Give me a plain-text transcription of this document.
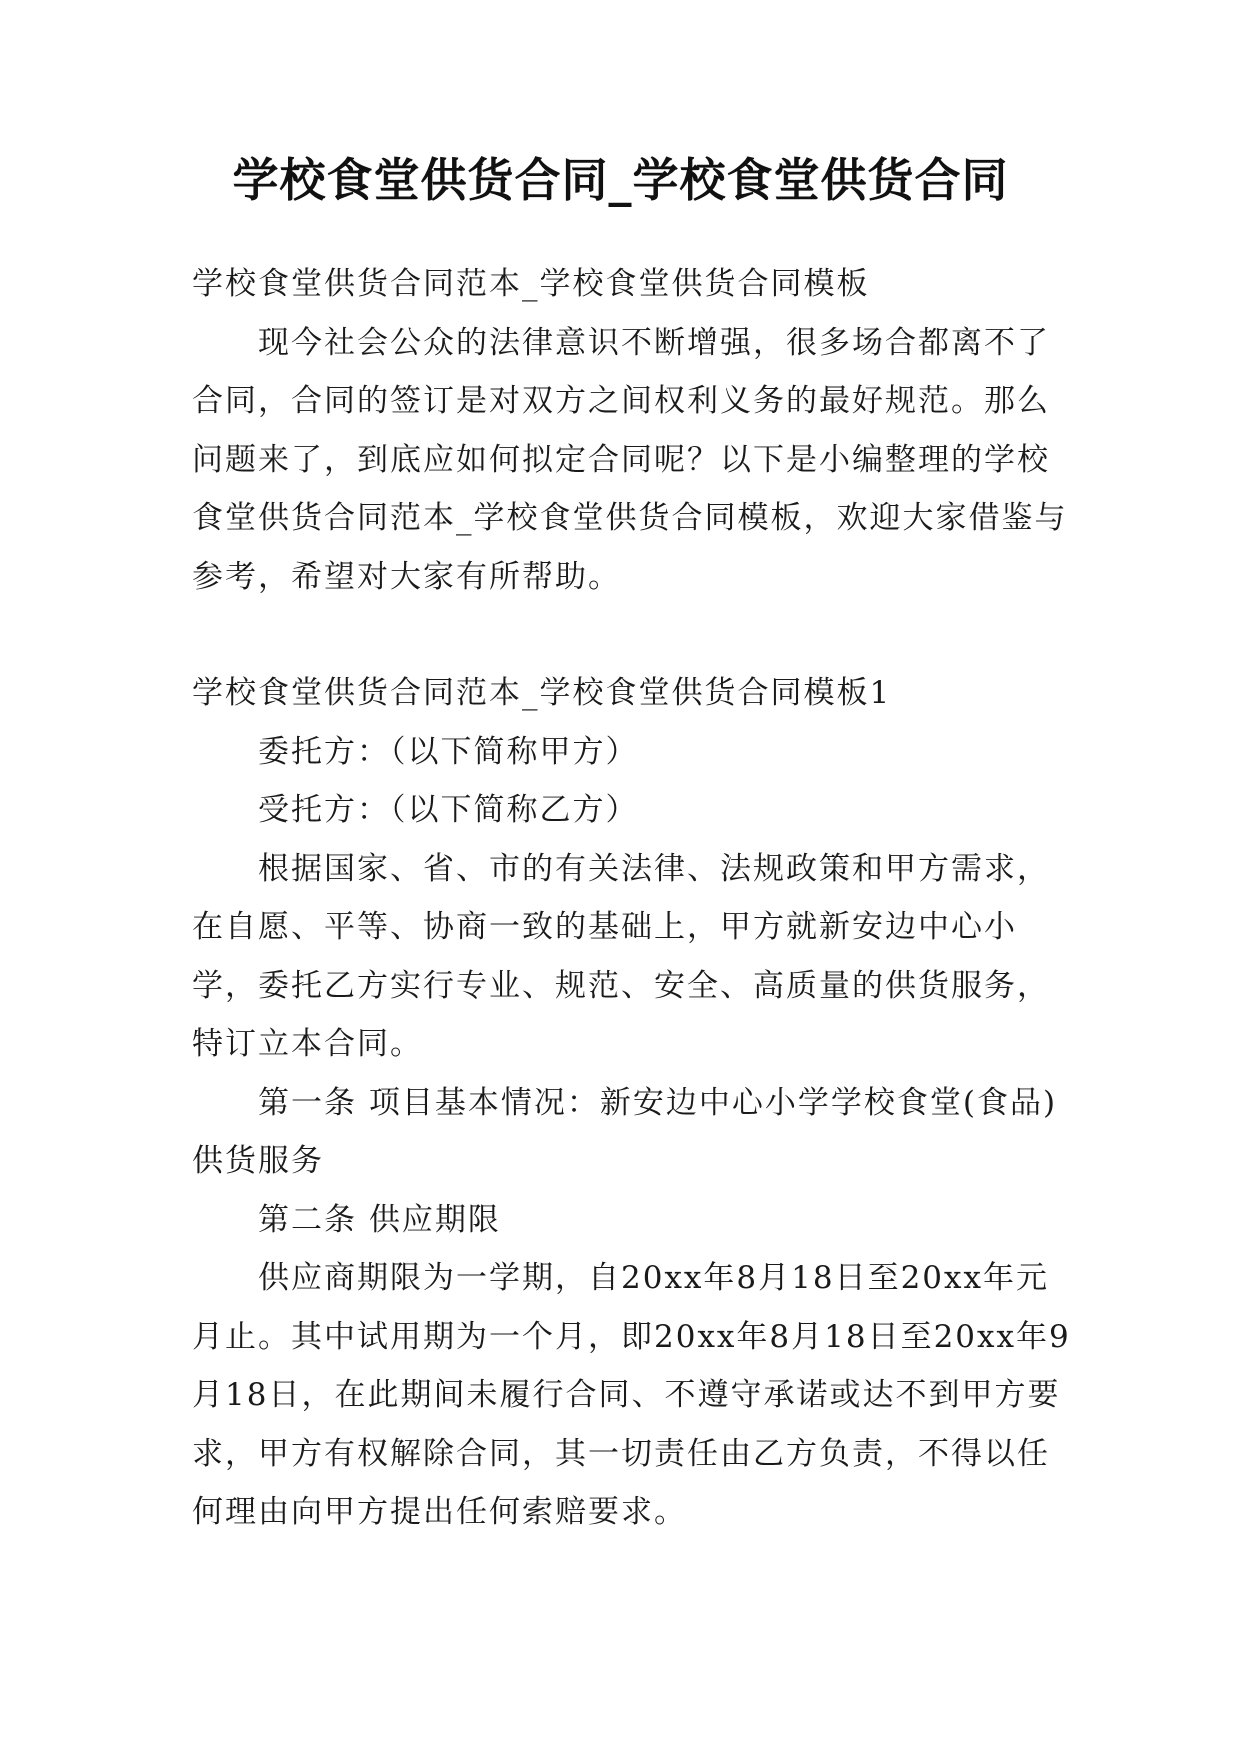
学校食堂供货合同_学校食堂供货合同

学校食堂供货合同范本_学校食堂供货合同模板

现今社会公众的法律意识不断增强，很多场合都离不了合同，合同的签订是对双方之间权利义务的最好规范。那么问题来了，到底应如何拟定合同呢？以下是小编整理的学校食堂供货合同范本_学校食堂供货合同模板，欢迎大家借鉴与参考，希望对大家有所帮助。

学校食堂供货合同范本_学校食堂供货合同模板1

委托方：（以下简称甲方）

受托方：（以下简称乙方）

根据国家、省、市的有关法律、法规政策和甲方需求，在自愿、平等、协商一致的基础上，甲方就新安边中心小学，委托乙方实行专业、规范、安全、高质量的供货服务，特订立本合同。

第一条 项目基本情况：新安边中心小学学校食堂(食品)供货服务

第二条 供应期限

供应商期限为一学期，自20xx年8月18日至20xx年元月止。其中试用期为一个月，即20xx年8月18日至20xx年9月18日，在此期间未履行合同、不遵守承诺或达不到甲方要求，甲方有权解除合同，其一切责任由乙方负责，不得以任何理由向甲方提出任何索赔要求。
